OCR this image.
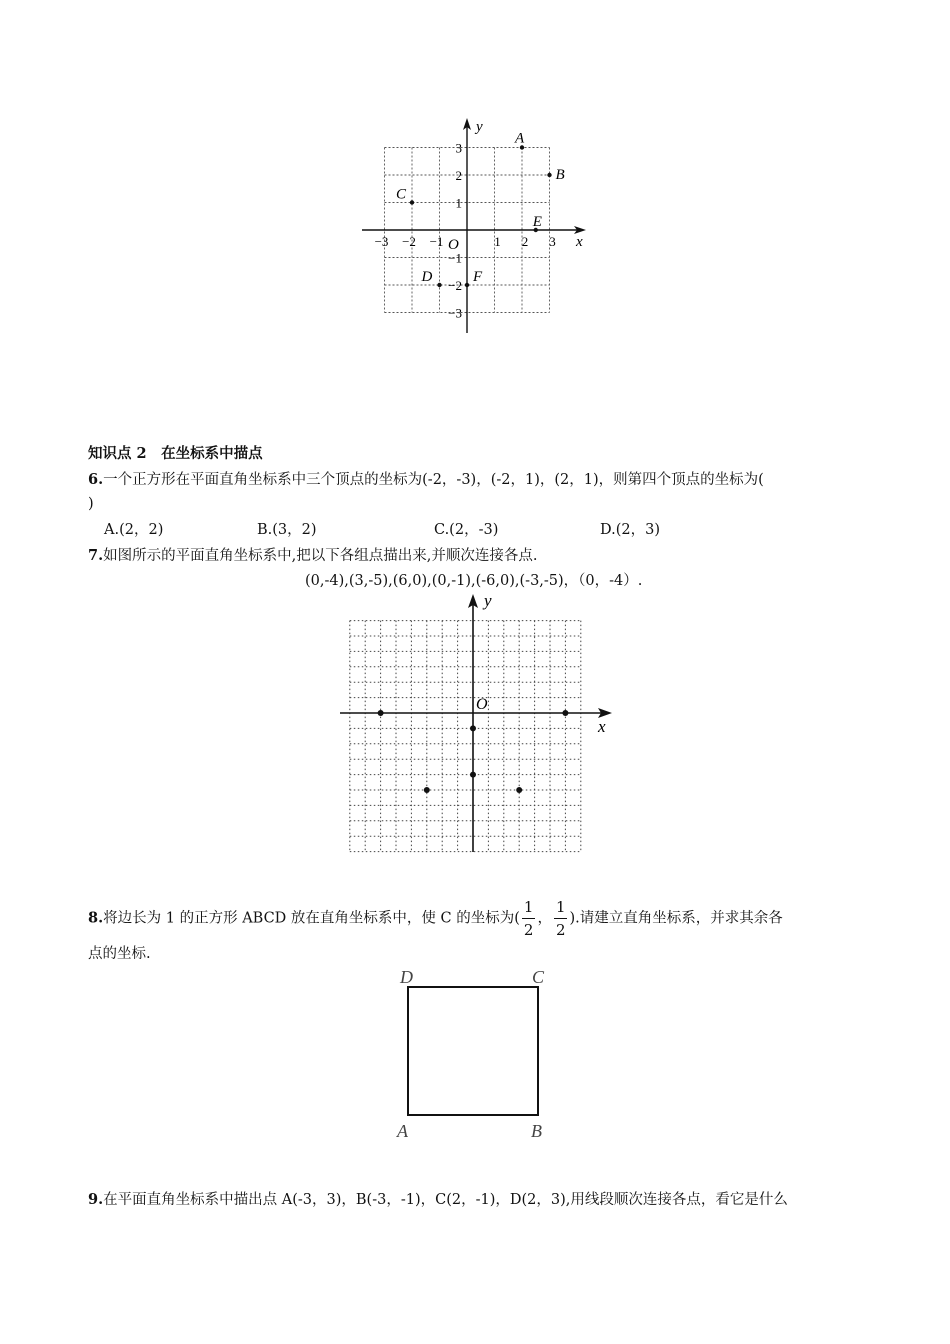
x
y
O
−3 −2 −1	1 2 3
3
2
1
−1
−2
−3
A
B
C
E
D	F
知识点 2　在坐标系中描点
6.一个正方形在平面直角坐标系中三个顶点的坐标为(-2，-3)，(-2，1)，(2，1)，则第四个顶点的坐标为(
)
A.(2，2)	B.(3，2)	C.(2，-3)	D.(2，3)
7.如图所示的平面直角坐标系中,把以下各组点描出来,并顺次连接各点.
(0,-4),(3,-5),(6,0),(0,-1),(-6,0),(-3,-5)，（0，-4）.
x
y
O
8.将边长为 1 的正方形 ABCD 放在直角坐标系中，使 C 的坐标为( $\frac{1}{2}$ ， $\frac{1}{2}$ ).请建立直角坐标系，并求其余各
点的坐标.
D	C
A	B
9.在平面直角坐标系中描出点 A(-3，3)，B(-3，-1)，C(2，-1)，D(2，3),用线段顺次连接各点，看它是什么
